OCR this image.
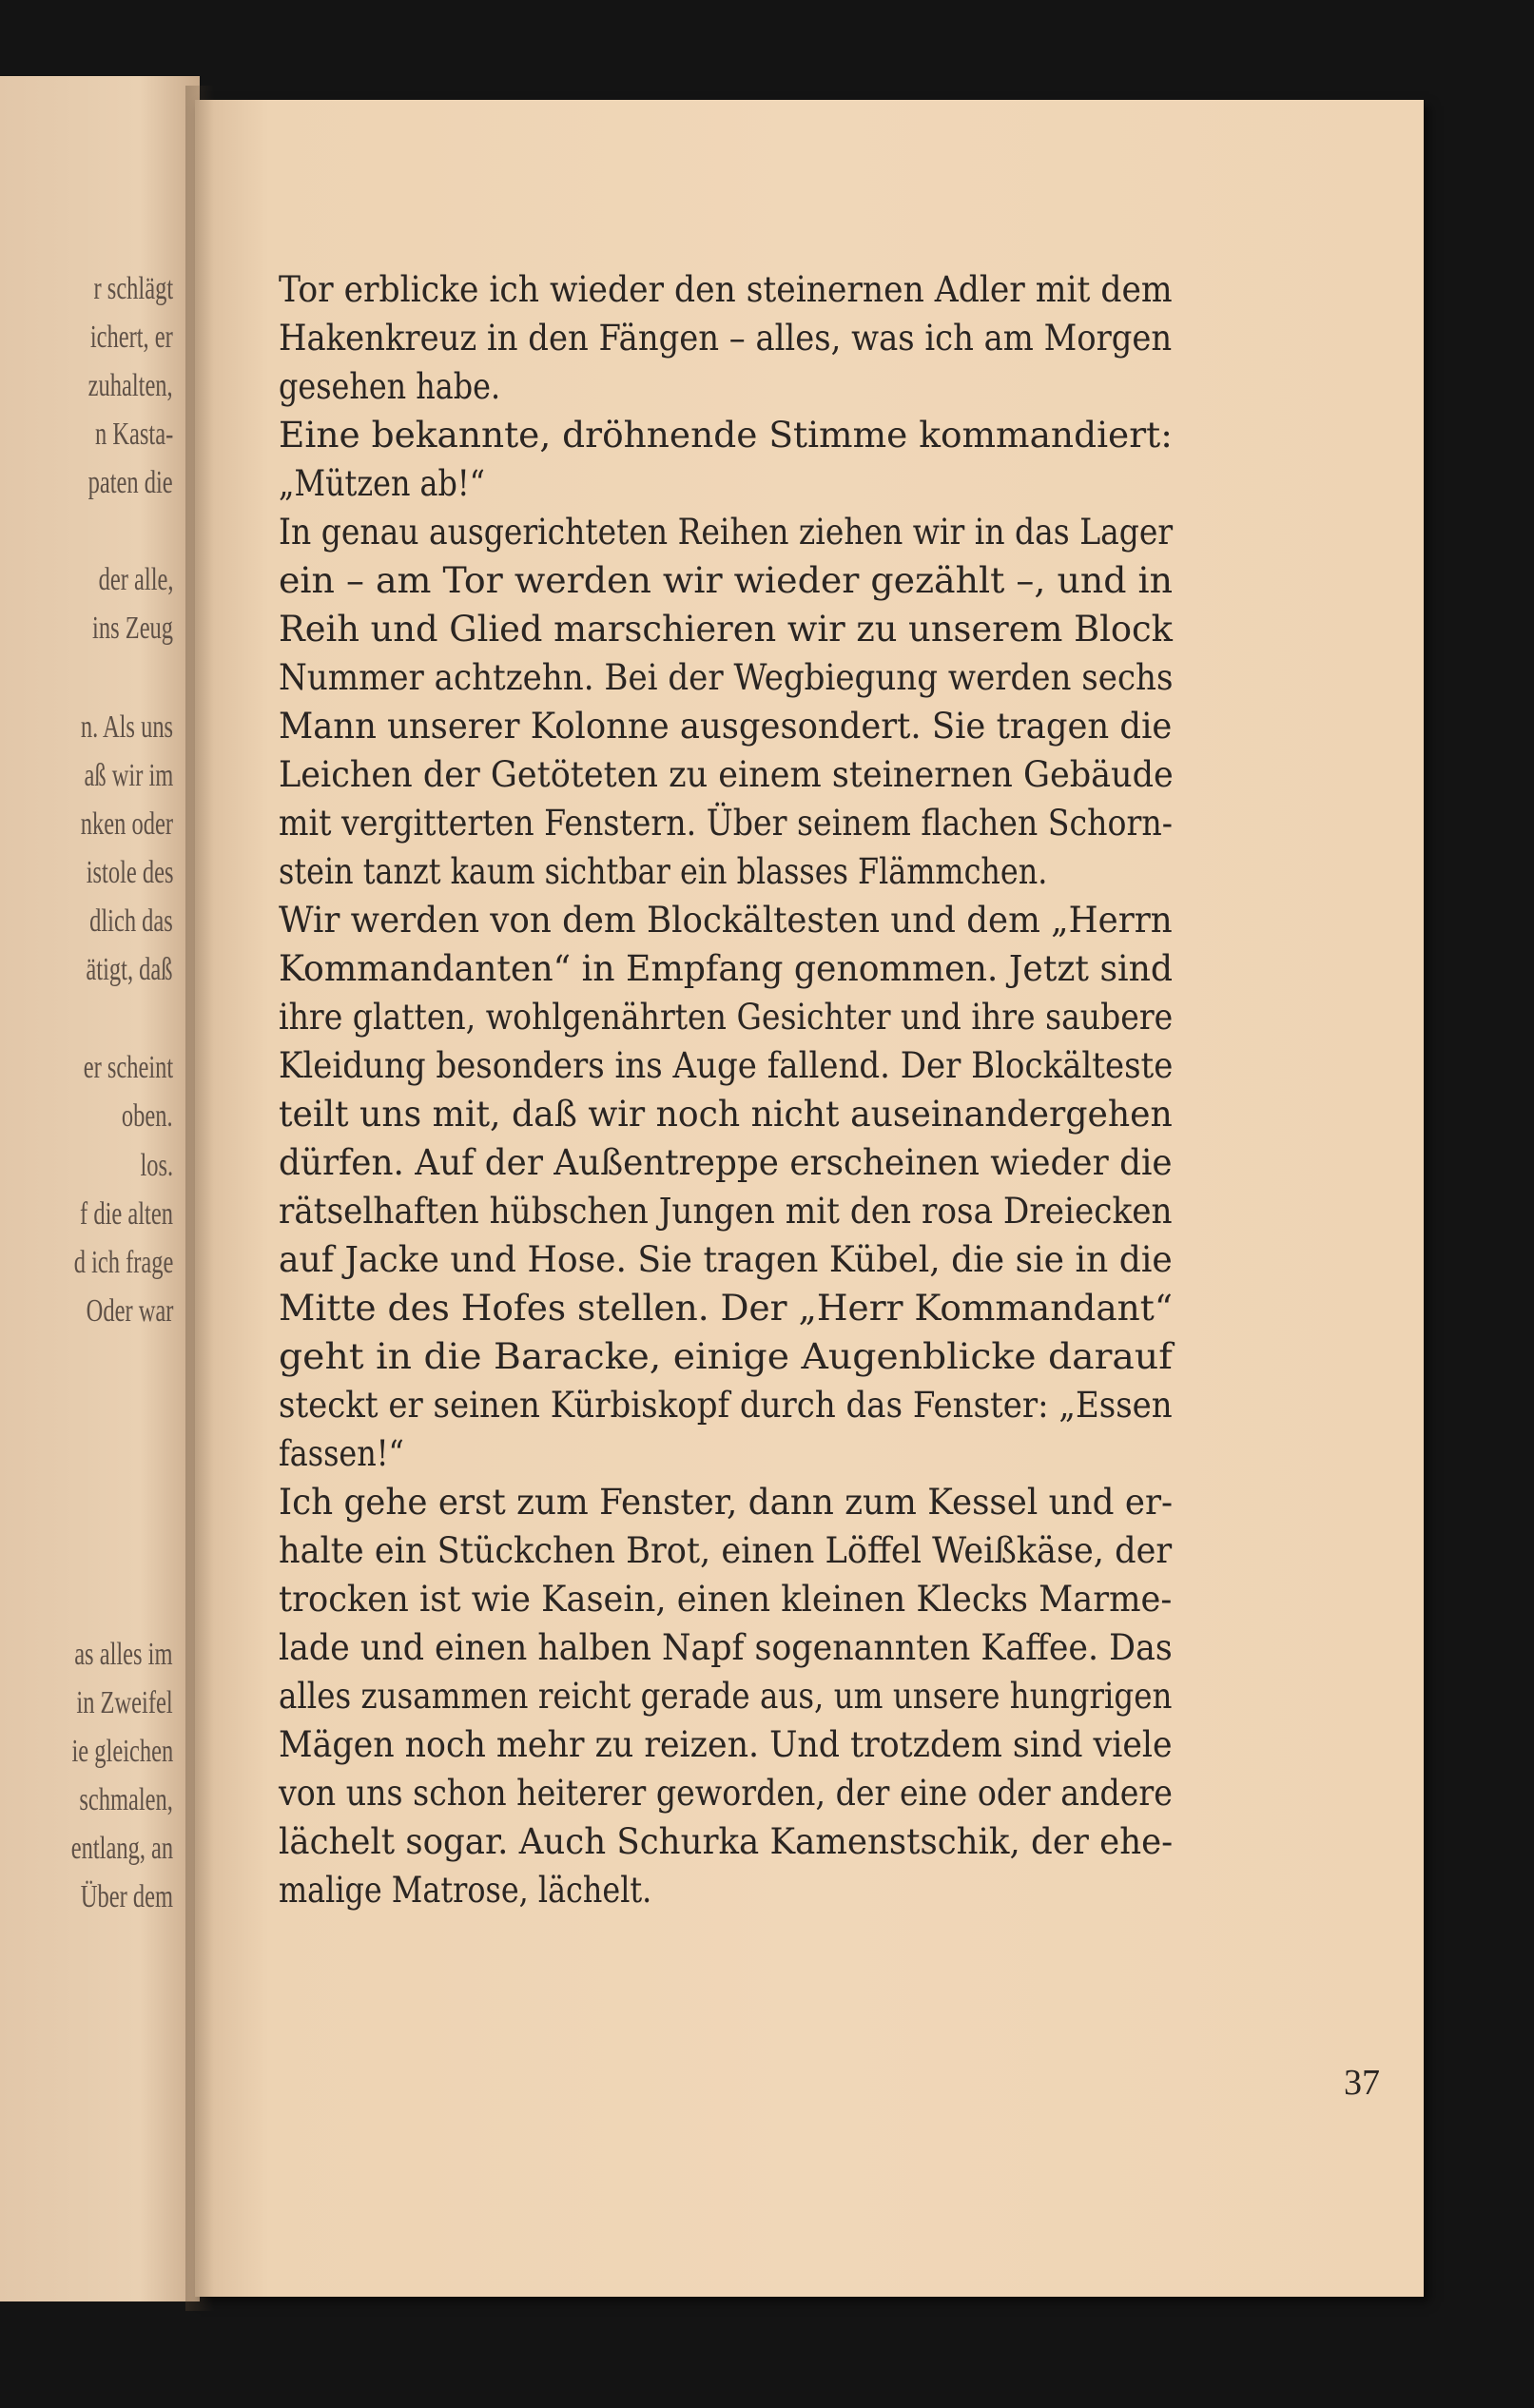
r schlägt
ichert, er
zuhalten,
n Kasta-
paten die
der alle,
ins Zeug
n. Als uns
aß wir im
nken oder
istole des
dlich das
ätigt, daß
er scheint
oben.
los.
f die alten
d ich frage
Oder war
as alles im
in Zweifel
ie gleichen
schmalen,
entlang, an
Über dem
Tor erblicke ich wieder den steinernen Adler mit dem
Hakenkreuz in den Fängen – alles, was ich am Morgen
gesehen habe.
Eine bekannte, dröhnende Stimme kommandiert:
„Mützen ab!“
In genau ausgerichteten Reihen ziehen wir in das Lager
ein – am Tor werden wir wieder gezählt –, und in
Reih und Glied marschieren wir zu unserem Block
Nummer achtzehn. Bei der Wegbiegung werden sechs
Mann unserer Kolonne ausgesondert. Sie tragen die
Leichen der Getöteten zu einem steinernen Gebäude
mit vergitterten Fenstern. Über seinem flachen Schorn-
stein tanzt kaum sichtbar ein blasses Flämmchen.
Wir werden von dem Blockältesten und dem „Herrn
Kommandanten“ in Empfang genommen. Jetzt sind
ihre glatten, wohlgenährten Gesichter und ihre saubere
Kleidung besonders ins Auge fallend. Der Blockälteste
teilt uns mit, daß wir noch nicht auseinandergehen
dürfen. Auf der Außentreppe erscheinen wieder die
rätselhaften hübschen Jungen mit den rosa Dreiecken
auf Jacke und Hose. Sie tragen Kübel, die sie in die
Mitte des Hofes stellen. Der „Herr Kommandant“
geht in die Baracke, einige Augenblicke darauf
steckt er seinen Kürbiskopf durch das Fenster: „Essen
fassen!“
Ich gehe erst zum Fenster, dann zum Kessel und er-
halte ein Stückchen Brot, einen Löffel Weißkäse, der
trocken ist wie Kasein, einen kleinen Klecks Marme-
lade und einen halben Napf sogenannten Kaffee. Das
alles zusammen reicht gerade aus, um unsere hungrigen
Mägen noch mehr zu reizen. Und trotzdem sind viele
von uns schon heiterer geworden, der eine oder andere
lächelt sogar. Auch Schurka Kamenstschik, der ehe-
malige Matrose, lächelt.
37
